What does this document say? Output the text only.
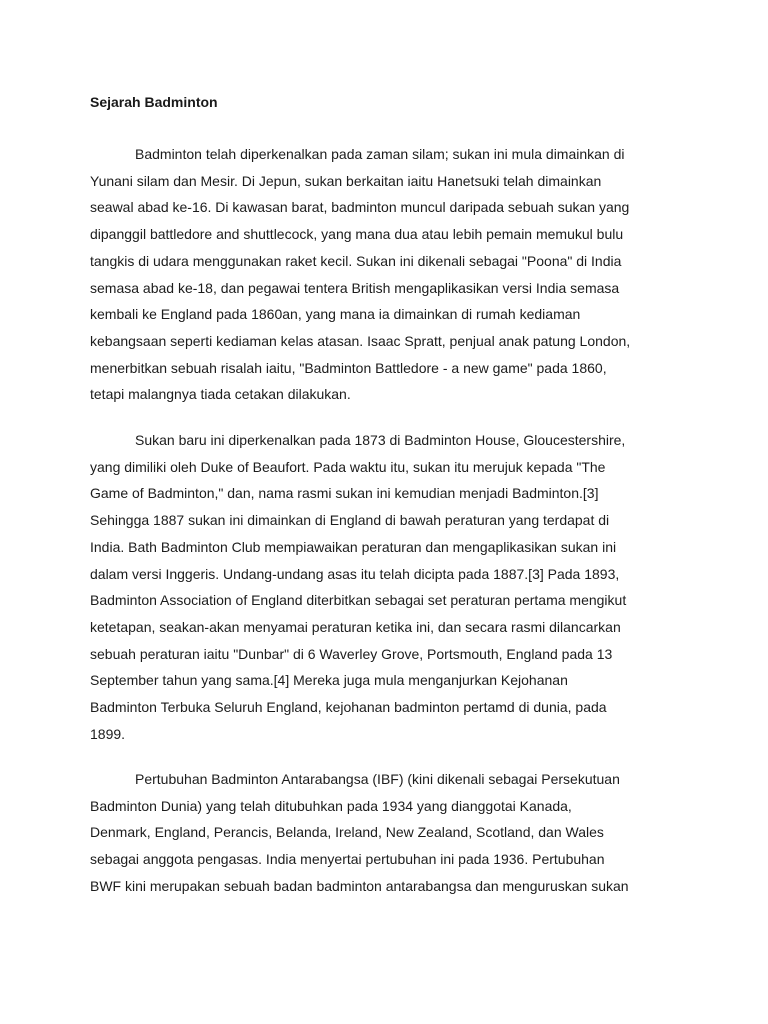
Sejarah Badminton

Badminton telah diperkenalkan pada zaman silam; sukan ini mula dimainkan di
Yunani silam dan Mesir. Di Jepun, sukan berkaitan iaitu Hanetsuki telah dimainkan
seawal abad ke-16. Di kawasan barat, badminton muncul daripada sebuah sukan yang
dipanggil battledore and shuttlecock, yang mana dua atau lebih pemain memukul bulu
tangkis di udara menggunakan raket kecil. Sukan ini dikenali sebagai "Poona" di India
semasa abad ke-18, dan pegawai tentera British mengaplikasikan versi India semasa
kembali ke England pada 1860an, yang mana ia dimainkan di rumah kediaman
kebangsaan seperti kediaman kelas atasan. Isaac Spratt, penjual anak patung London,
menerbitkan sebuah risalah iaitu, "Badminton Battledore - a new game" pada 1860,
tetapi malangnya tiada cetakan dilakukan.

Sukan baru ini diperkenalkan pada 1873 di Badminton House, Gloucestershire,
yang dimiliki oleh Duke of Beaufort. Pada waktu itu, sukan itu merujuk kepada "The
Game of Badminton," dan, nama rasmi sukan ini kemudian menjadi Badminton.[3]
Sehingga 1887 sukan ini dimainkan di England di bawah peraturan yang terdapat di
India. Bath Badminton Club mempiawaikan peraturan dan mengaplikasikan sukan ini
dalam versi Inggeris. Undang-undang asas itu telah dicipta pada 1887.[3] Pada 1893,
Badminton Association of England diterbitkan sebagai set peraturan pertama mengikut
ketetapan, seakan-akan menyamai peraturan ketika ini, dan secara rasmi dilancarkan
sebuah peraturan iaitu "Dunbar" di 6 Waverley Grove, Portsmouth, England pada 13
September tahun yang sama.[4] Mereka juga mula menganjurkan Kejohanan
Badminton Terbuka Seluruh England, kejohanan badminton pertamd di dunia, pada
1899.

Pertubuhan Badminton Antarabangsa (IBF) (kini dikenali sebagai Persekutuan
Badminton Dunia) yang telah ditubuhkan pada 1934 yang dianggotai Kanada,
Denmark, England, Perancis, Belanda, Ireland, New Zealand, Scotland, dan Wales
sebagai anggota pengasas. India menyertai pertubuhan ini pada 1936. Pertubuhan
BWF kini merupakan sebuah badan badminton antarabangsa dan menguruskan sukan
